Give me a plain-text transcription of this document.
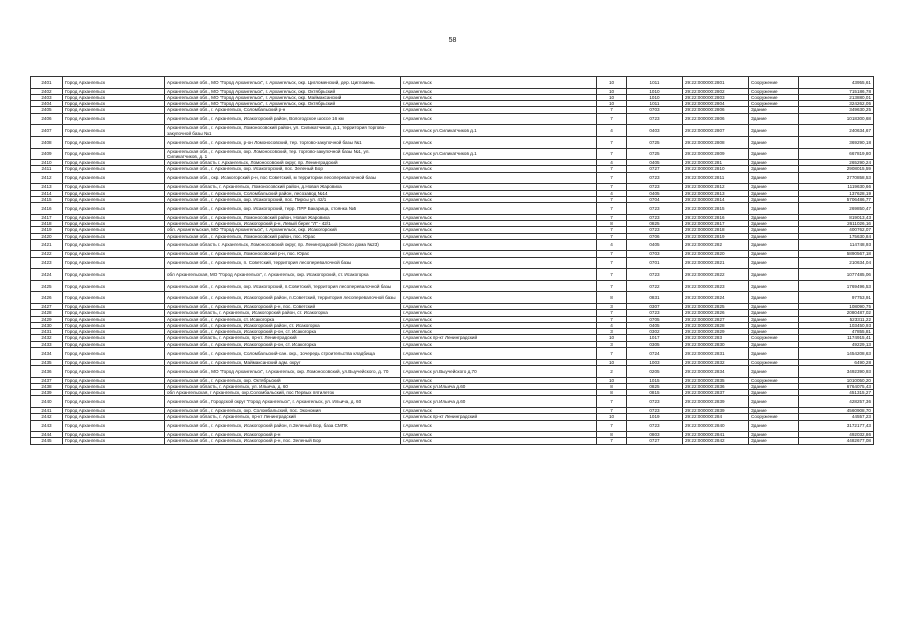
58
2401	Город Архангельск	Архангельская обл., МО "Город Архангельск", г. Архангельск, окр. Цигломенский, дер. Цигломень	г.Архангельск	10	1011	29:22:000000:2801	Сооружение	43955,61
2402	Город Архангельск	Архангельская обл., МО "Город Архангельск", г. Архангельск, окр. Октябрьский	г.Архангельск	10	1010	29:22:000000:2802	Сооружение	715186,78
2403	Город Архангельск	Архангельская обл., МО "Город Архангельск", г. Архангельск, окр. Маймаксанский	г.Архангельск	10	1010	29:22:000000:2803	Сооружение	213880,01
2404	Город Архангельск	Архангельская обл., МО "Город Архангельск", г. Архангельск, окр. Октябрьский	г.Архангельск	10	1011	29:22:000000:2804	Сооружение	324262,05
2405	Город Архангельск	Архангельская обл., г. Архангельск, Соломбальский р-н	г.Архангельск	7	0703	29:22:000000:2806	Здание	349630,25
2406	Город Архангельск	Архангельская обл., г. Архангельск, Исакогорский район, Вологодское шоссе 16 км	г.Архангельск	7	0723	29:22:000000:2806	Здание	1018300,68
2407	Город Архангельск	Архангельская обл., г. Архангельск, Ломоносовский район, ул. Силикатчиков, д.1, территория торгово-закупочной базы №1	г.Архангельск ул.Силикатчиков д.1	4	0403	29:22:000000:2807	Здание	240634,67
2408	Город Архангельск	Архангельская обл., г. Архангельск, р-он Ломоносовский, тер. торгово-закупочной базы №1	г.Архангельск	7	0725	29:22:000000:2808	Здание	369290,18
2409	Город Архангельск	Архангельская обл., г. Архангельск, окр. Ломоносовский, тер. торгово-закупочной базы №1, ул. Силикатчиков, д. 1	г.Архангельск ул.Силикатчиков д.1	7	0725	29:22:000000:2809	Здание	667819,80
2410	Город Архангельск	Архангельская область г. Архангельск, Ломоносовский округ, пр. Ленинградский	г.Архангельск	4	0405	29:22:000000:281	Здание	265290,24
2411	Город Архангельск	Архангельская обл., г. Архангельск, окр. Исакогорский, пос. Зеленый Бор	г.Архангельск	7	0727	29:22:000000:2810	Здание	2908015,59
2412	Город Архангельск	Архангельская обл., окр. Исакогорский р-н, пос Советский, м территории лесоперевалочной базы	г.Архангельск	7	0723	29:22:000000:2811	Здание	2770858,53
2413	Город Архангельск	Архангельская область, г. Архангельск, Ломоносовский район, д.Новая Жаровиха	г.Архангельск	7	0723	29:22:000000:2812	Здание	1119630,66
2414	Город Архангельск	Архангельская обл., г. Архангельск, Соломбальский район, лесозавод №14	г.Архангельск	4	0405	29:22:000000:2813	Здание	137628,19
2415	Город Архангельск	Архангельская обл., г. Архангельск, окр. Исакогорский, пос. Пирсы ул. 42/1	г.Архангельск	7	0704	29:22:000000:2814	Здание	5706486,77
2416	Город Архангельск	Архангельская обл., г. Архангельск, окр. Исакогорский, терр. ПРР Бакарица, стоянка №5	г.Архангельск	7	0723	29:22:000000:2815	Здание	269850,47
2417	Город Архангельск	Архангельская обл., г. Архангельск, Ломоносовский район, Новая Жаровиха	г.Архангельск	7	0723	29:22:000000:2816	Здание	819013,43
2418	Город Архангельск	Архангельская обл., г. Архангельск, Исакогорский р-н, Левый берег "Л" - 42/1	г.Архангельск	8	0825	29:22:000000:2817	Здание	2611026,16
2419	Город Архангельск	обл. Архангельская, МО "Город Архангельск", г. Архангельск, окр. Исакогорский	г.Архангельск	7	0723	29:22:000000:2818	Здание	400762,07
2420	Город Архангельск	Архангельская обл., г. Архангельск, Ломоносовский район, пос. Юрас	г.Архангельск	7	0706	29:22:000000:2819	Здание	175630,84
2421	Город Архангельск	Архангельская область г. Архангельск, Ломоносовский округ, пр. Ленинградский (Около дома №23)	г.Архангельск	4	0405	29:22:000000:282	Здание	114748,93
2422	Город Архангельск	Архангельская обл., г. Архангельск, Ломоносовский р-н, пос. Юрас	г.Архангельск	7	0703	29:22:000000:2820	Здание	5890567,18
2423	Город Архангельск	Архангельская обл., г. Архангельск, п. Советский, территория лесоперевалочной базы	г.Архангельск	7	0701	29:22:000000:2821	Здание	210634,04
2424	Город Архангельск	обл Архангельская, МО "Город Архангельск", г. Архангельск, окр. Исакогорский, ст. Исакогорка	г.Архангельск	7	0723	29:22:000000:2822	Здание	1077485,06
2425	Город Архангельск	Архангельская обл., г. Архангельск, окр. Исакогорский, п.Советский, территория лесоперевалочной базы	г.Архангельск	7	0722	29:22:000000:2823	Здание	1769496,53
2426	Город Архангельск	Архангельская обл., г. Архангельск, Исакогорский район, п.Советский, территория лесоперевалочной базы	г.Архангельск	8	0831	29:22:000000:2824	Здание	97753,91
2427	Город Архангельск	Архангельская обл., г. Архангельск, Исакогорский р-н, пос. Советский	г.Архангельск	3	0307	29:22:000000:2825	Здание	108090,75
2428	Город Архангельск	Архангельская область, г. Архангельск, Исакогорский район, ст. Исакогорка	г.Архангельск	7	0723	29:22:000000:2826	Здание	2080487,02
2429	Город Архангельск	Архангельская обл., г. Архангельск, ст. Исакогорка	г.Архангельск	7	0705	29:22:000000:2827	Здание	523311,22
2430	Город Архангельск	Архангельская обл., г. Архангельск, Исакогорский район, ст. Исакогорка	г.Архангельск	4	0405	29:22:000000:2828	Здание	103450,93
2431	Город Архангельск	Архангельская обл., г. Архангельск, Исакогорский р-он, ст. Исакогорка	г.Архангельск	3	0302	29:22:000000:2829	Здание	47855,81
2432	Город Архангельск	Архангельская область, г. Архангельск, пр-кт. Ленинградский	г.Архангельск пр-кт Ленинградский	10	1017	29:22:000000:283	Сооружение	1174915,41
2433	Город Архангельск	Архангельская обл., г. Архангельск, Исакогорский р-он, ст. Исакогорка	г.Архангельск	3	0305	29:22:000000:2830	Здание	49229,13
2434	Город Архангельск	Архангельская обл., г. Архангельск, Соломбальский-сан. окр., 1очередь строительства кладбища	г.Архангельск	7	0724	29:22:000000:2831	Здание	1454208,63
2435	Город Архангельск	Архангельская обл., г. Архангельск, Маймаксанский адм. округ	г.Архангельск	10	1003	29:22:000000:2832	Сооружение	6490,28
2436	Город Архангельск	Архангельская обл., МО "Город Архангельск", г.Архангельск, окр. Ломоносовский, ул.Выучейского, д. 70	г.Архангельск ул.Выучейского д.70	2	0205	29:22:000000:2834	Здание	3492390,93
2437	Город Архангельск	Архангельская обл., г. Архангельск, окр. Октябрьский	г.Архангельск	10	1015	29:22:000000:2835	Сооружение	1010050,20
2438	Город Архангельск	Архангельская область, г. Архангельск, ул. Ильича, д. 60	г.Архангельск ул.Ильича д.60	8	0825	29:22:000000:2836	Здание	6764075,43
2439	Город Архангельск	обл Архангельская, г Архангельск, окр.Соломбальский, пос Первых пятилеток	г.Архангельск	8	0815	29:22:000000:2837	Здание	451315,27
2440	Город Архангельск	Архангельская обл., Городской округ "Город Архангельск", г. Архангельск, ул. Ильича, д. 60	г.Архангельск ул.Ильича д.60	7	0723	29:22:000000:2839	Здание	428257,36
2441	Город Архангельск	Архангельская обл., г. Архангельск, окр. Соломбальский, пос. Экономия	г.Архангельск	7	0723	29:22:000000:2839	Здание	4560908,70
2442	Город Архангельск	Архангельская область, г. Архангельск, пр-кт Ленинградский	г.Архангельск пр-кт Ленинградский	10	1019	29:22:000000:284	Сооружение	44557,23
2443	Город Архангельск	Архангельская обл., г. Архангельск, Исакогорский район, п.Зеленый Бор, база СМПК	г.Архангельск	7	0723	29:22:000000:2840	Здание	3172177,43
2444	Город Архангельск	Архангельская обл., г. Архангельск, Исакогорский р-н	г.Архангельск	8	0803	29:22:000000:2841	Здание	492032,86
2445	Город Архангельск	Архангельская обл., г. Архангельск, Исакогорский р-н, пос. Зеленый Бор	г.Архангельск	7	0727	29:22:000000:2842	Здание	4482677,08
